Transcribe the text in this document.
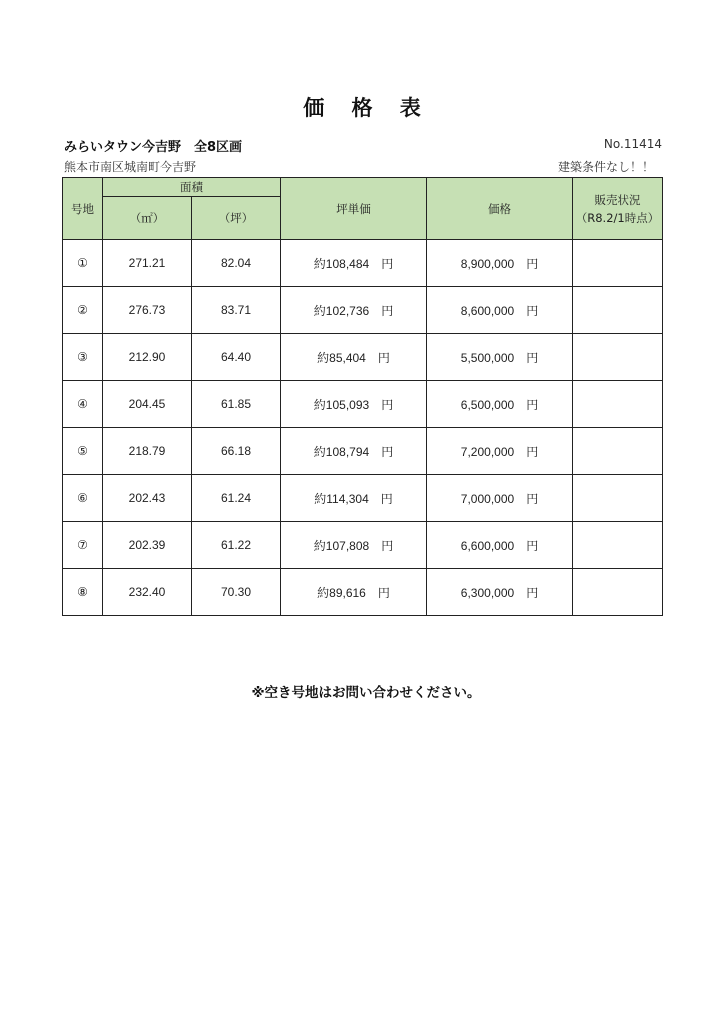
価 格 表
みらいタウン今吉野　全8区画	No.11414
熊本市南区城南町今吉野	建築条件なし！！
号地	面積		坪単価	価格	販売状況
（R8.2/1時点）

	（㎡）	（坪）			
①	271.21	82.04	約108,484 円	8,900,000 円	
②	276.73	83.71	約102,736 円	8,600,000 円	
③	212.90	64.40	約85,404 円	5,500,000 円	
④	204.45	61.85	約105,093 円	6,500,000 円	
⑤	218.79	66.18	約108,794 円	7,200,000 円	
⑥	202.43	61.24	約114,304 円	7,000,000 円	
⑦	202.39	61.22	約107,808 円	6,600,000 円	
⑧	232.40	70.30	約89,616 円	6,300,000 円	
※空き号地はお問い合わせください。
